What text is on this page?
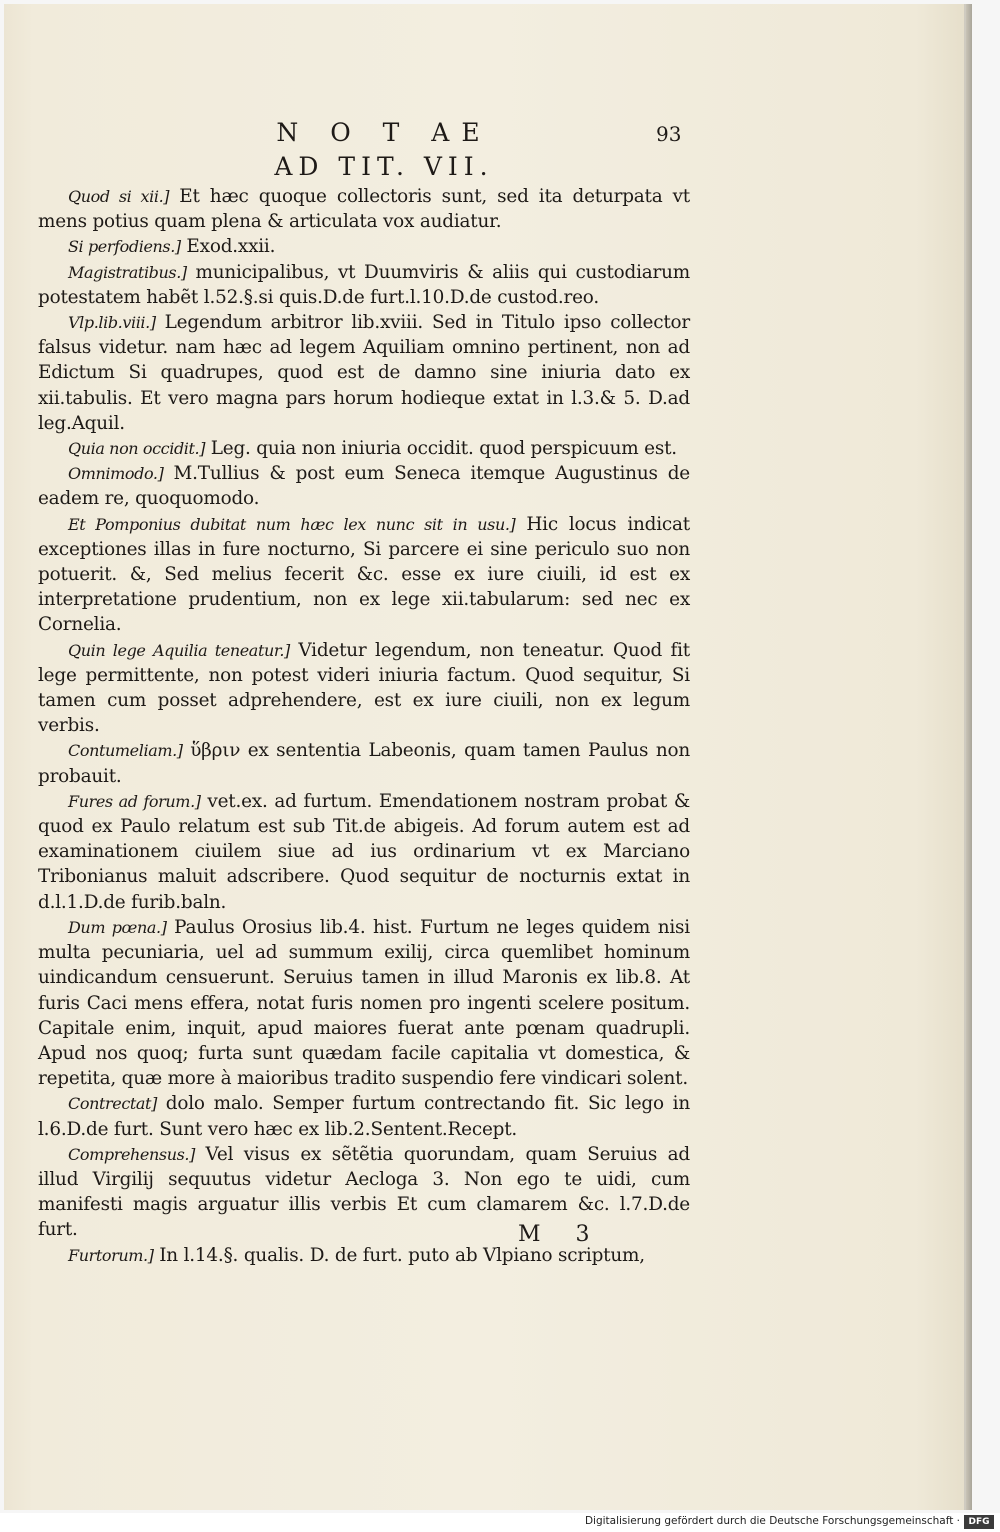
93
N O T AE
AD TIT. VII.

Quod si xii.] Et hæc quoque collectoris sunt, sed ita deturpata vt mens potius quam plena & articulata vox audiatur.

Si perfodiens.] Exod.xxii.

Magistratibus.] municipalibus, vt Duumviris & aliis qui custodiarum potestatem habẽt l.52.§.si quis.D.de furt.l.10.D.de custod.reo.

Vlp.lib.viii.] Legendum arbitror lib.xviii. Sed in Titulo ipso collector falsus videtur. nam hæc ad legem Aquiliam omnino pertinent, non ad Edictum Si quadrupes, quod est de damno sine iniuria dato ex xii.tabulis. Et vero magna pars horum hodieque extat in l.3.& 5. D.ad leg.Aquil.

Quia non occidit.] Leg. quia non iniuria occidit. quod perspicuum est.

Omnimodo.] M.Tullius & post eum Seneca itemque Augustinus de eadem re, quoquomodo.

Et Pomponius dubitat num hæc lex nunc sit in usu.] Hic locus indicat exceptiones illas in fure nocturno, Si parcere ei sine periculo suo non potuerit. &, Sed melius fecerit &c. esse ex iure ciuili, id est ex interpretatione prudentium, non ex lege xii.tabularum: sed nec ex Cornelia.

Quin lege Aquilia teneatur.] Videtur legendum, non teneatur. Quod fit lege permittente, non potest videri iniuria factum. Quod sequitur, Si tamen cum posset adprehendere, est ex iure ciuili, non ex legum verbis.

Contumeliam.] ὕβριν ex sententia Labeonis, quam tamen Paulus non probauit.

Fures ad forum.] vet.ex. ad furtum. Emendationem nostram probat & quod ex Paulo relatum est sub Tit.de abigeis. Ad forum autem est ad examinationem ciuilem siue ad ius ordinarium vt ex Marciano Tribonianus maluit adscribere. Quod sequitur de nocturnis extat in d.l.1.D.de furib.baln.

Dum pœna.] Paulus Orosius lib.4. hist. Furtum ne leges quidem nisi multa pecuniaria, uel ad summum exilij, circa quemlibet hominum uindicandum censuerunt. Seruius tamen in illud Maronis ex lib.8. At furis Caci mens effera, notat furis nomen pro ingenti scelere positum. Capitale enim, inquit, apud maiores fuerat ante pœnam quadrupli. Apud nos quoq; furta sunt quædam facile capitalia vt domestica, & repetita, quæ more à maioribus tradito suspendio fere vindicari solent.

Contrectat] dolo malo. Semper furtum contrectando fit. Sic lego in l.6.D.de furt. Sunt vero hæc ex lib.2.Sentent.Recept.

Comprehensus.] Vel visus ex sẽtẽtia quorundam, quam Seruius ad illud Virgilij sequutus videtur Aecloga 3. Non ego te uidi, cum manifesti magis arguatur illis verbis Et cum clamarem &c. l.7.D.de furt.

Furtorum.] In l.14.§. qualis. D. de furt. puto ab Vlpiano scriptum,

M 3
Digitalisierung gefördert durch die Deutsche Forschungsgemeinschaft · DFG
